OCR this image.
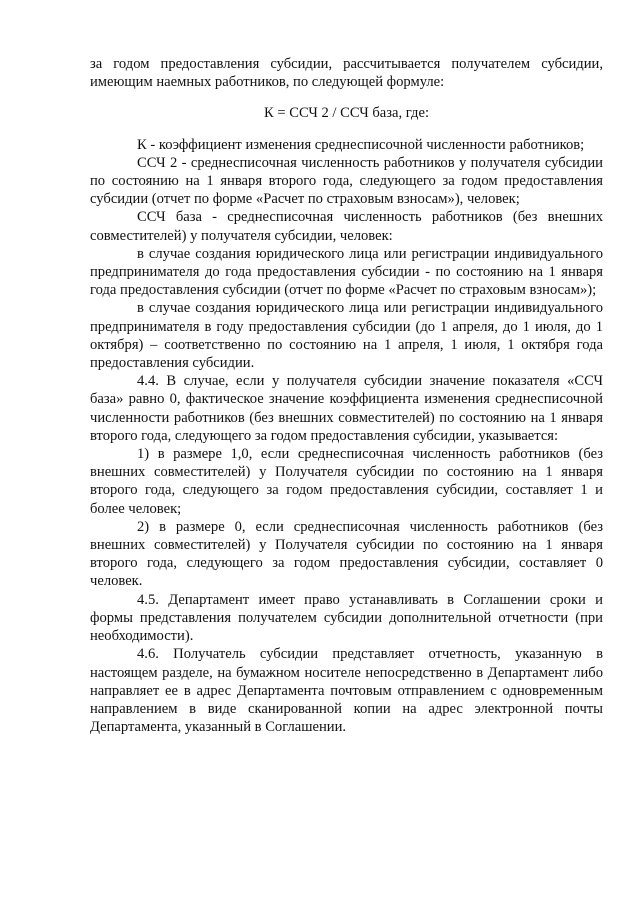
за годом предоставления субсидии, рассчитывается получателем субсидии, имеющим наемных работников, по следующей формуле:

К = ССЧ 2 / ССЧ база, где:

К - коэффициент изменения среднесписочной численности работников;

ССЧ 2 - среднесписочная численность работников у получателя субсидии по состоянию на 1 января второго года, следующего за годом предоставления субсидии (отчет по форме «Расчет по страховым взносам»), человек;

ССЧ база - среднесписочная численность работников (без внешних совместителей) у получателя субсидии, человек:

в случае создания юридического лица или регистрации индивидуального предпринимателя до года предоставления субсидии - по состоянию на 1 января года предоставления субсидии (отчет по форме «Расчет по страховым взносам»);

в случае создания юридического лица или регистрации индивидуального предпринимателя в году предоставления субсидии (до 1 апреля, до 1 июля, до 1 октября) – соответственно по состоянию на 1 апреля, 1 июля, 1 октября года предоставления субсидии.

4.4. В случае, если у получателя субсидии значение показателя «ССЧ база» равно 0, фактическое значение коэффициента изменения среднесписочной численности работников (без внешних совместителей) по состоянию на 1 января второго года, следующего за годом предоставления субсидии, указывается:

1) в размере 1,0, если среднесписочная численность работников (без внешних совместителей) у Получателя субсидии по состоянию на 1 января второго года, следующего за годом предоставления субсидии, составляет 1 и более человек;

2) в размере 0, если среднесписочная численность работников (без внешних совместителей) у Получателя субсидии по состоянию на 1 января второго года, следующего за годом предоставления субсидии, составляет 0 человек.

4.5. Департамент имеет право устанавливать в Соглашении сроки и формы представления получателем субсидии дополнительной отчетности (при необходимости).

4.6. Получатель субсидии представляет отчетность, указанную в настоящем разделе, на бумажном носителе непосредственно в Департамент либо направляет ее в адрес Департамента почтовым отправлением с одновременным направлением в виде сканированной копии на адрес электронной почты Департамента, указанный в Соглашении.
